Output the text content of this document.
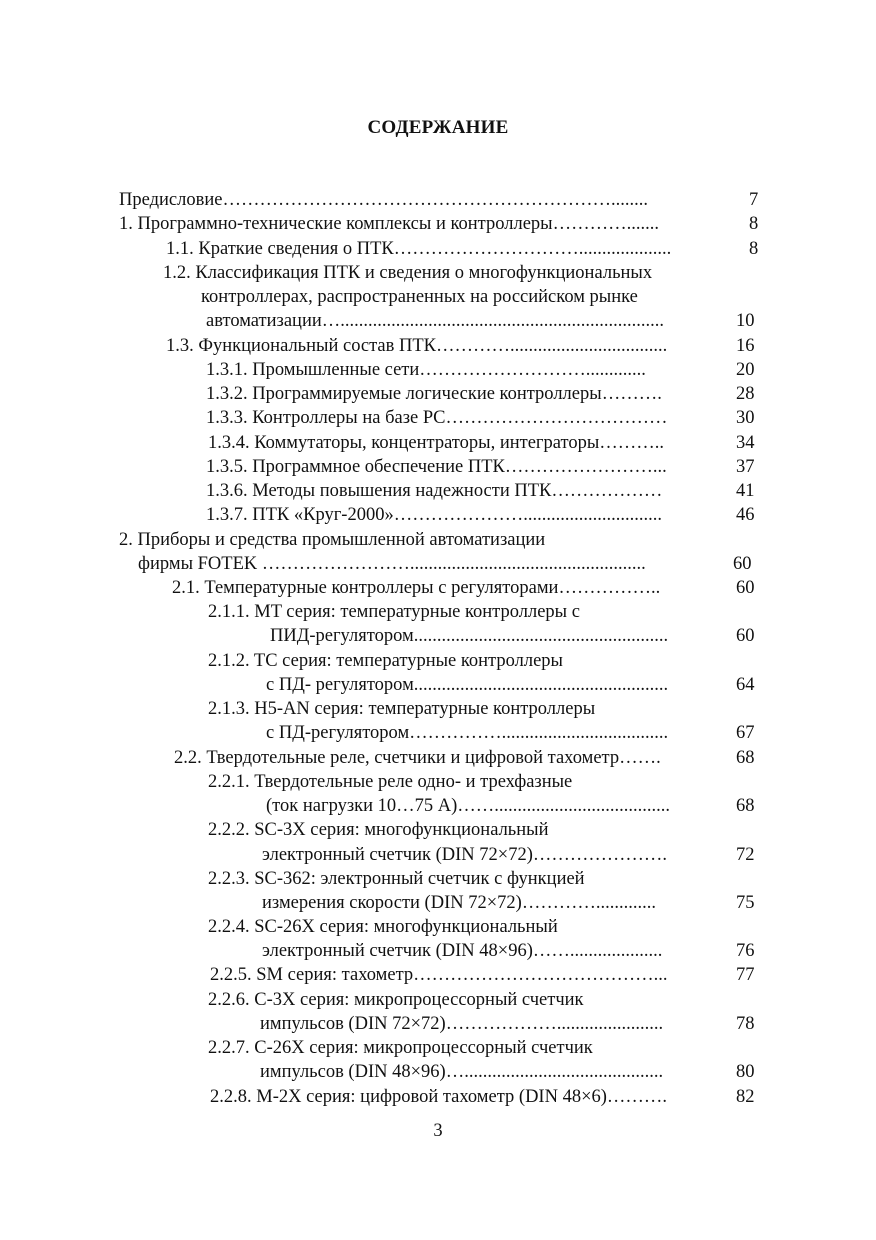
СОДЕРЖАНИЕ
Предисловие………………………………………………………........	7
1. Программно-технические комплексы и контроллеры………….......	8
1.1. Краткие сведения о ПТК…………………………....................	8
1.2. Классификация ПТК и сведения о многофункциональных
контроллерах, распространенных на российском рынке
автоматизации…......................................................................	10
1.3. Функциональный состав ПТК…………..................................	16
1.3.1. Промышленные сети……………………….............	20
1.3.2. Программируемые логические контроллеры……….	28
1.3.3. Контроллеры на базе PC………………………………	30
1.3.4. Коммутаторы, концентраторы, интеграторы………..	34
1.3.5. Программное обеспечение ПТК……………………...	37
1.3.6. Методы повышения надежности ПТК………………	41
1.3.7. ПТК «Круг-2000»…………………..............................	46
2. Приборы и средства промышленной автоматизации
фирмы FOTEK ……………………...................................................	60
2.1. Температурные контроллеры с регуляторами……………..	60
2.1.1. MT серия: температурные контроллеры с
ПИД-регулятором.......................................................	60
2.1.2. TC серия: температурные контроллеры
с ПД- регулятором.......................................................	64
2.1.3. H5-AN серия: температурные контроллеры
с ПД-регулятором……………....................................	67
2.2. Твердотельные реле, счетчики и цифровой тахометр…….	68
2.2.1. Твердотельные реле одно- и трехфазные
(ток нагрузки 10…75 А)……......................................	68
2.2.2. SC-3X серия: многофункциональный
электронный счетчик (DIN 72×72)………………….	72
2.2.3. SC-362: электронный счетчик с функцией
измерения скорости (DIN 72×72)………….............	75
2.2.4. SC-26X серия: многофункциональный
электронный счетчик (DIN 48×96)……....................	76
2.2.5. SM серия: тахометр…………………………………...	77
2.2.6. C-3X серия: микропроцессорный счетчик
импульсов (DIN 72×72)……………….......................	78
2.2.7. C-26X серия: микропроцессорный счетчик
импульсов (DIN 48×96)…...........................................	80
2.2.8. M-2X серия: цифровой тахометр (DIN 48×6)……….	82
3
